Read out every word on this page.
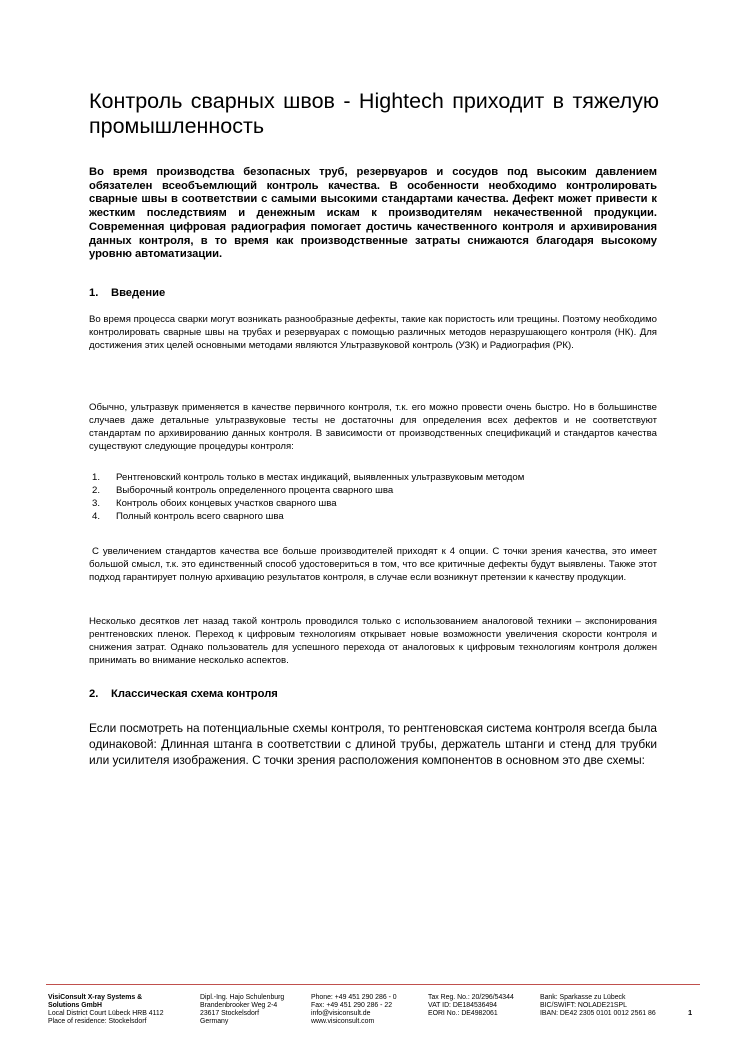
Контроль сварных швов - Hightech приходит в тяжелую промышленность

Во время производства безопасных труб, резервуаров и сосудов под высоким давлением обязателен всеобъемлющий контроль качества. В особенности необходимо контролировать сварные швы в соответствии с самыми высокими стандартами качества. Дефект может привести к жестким последствиям и денежным искам к производителям некачественной продукции. Современная цифровая радиография помогает достичь качественного контроля и архивирования данных контроля, в то время как производственные затраты снижаются благодаря высокому уровню автоматизации.

1. Введение

Во время процесса сварки могут возникать разнообразные дефекты, такие как пористость или трещины. Поэтому необходимо контролировать сварные швы на трубах и резервуарах с помощью различных методов неразрушающего контроля (НК). Для достижения этих целей основными методами являются Ультразвуковой контроль (УЗК) и Радиография (РК).

Обычно, ультразвук применяется в качестве первичного контроля, т.к. его можно провести очень быстро. Но в большинстве случаев даже детальные ультразвуковые тесты не достаточны для определения всех дефектов и не соответствуют стандартам по архивированию данных контроля. В зависимости от производственных спецификаций и стандартов качества существуют следующие процедуры контроля:

1. Рентгеновский контроль только в местах индикаций, выявленных ультразвуковым методом
2. Выборочный контроль определенного процента сварного шва
3. Контроль обоих концевых участков сварного шва
4. Полный контроль всего сварного шва

С увеличением стандартов качества все больше производителей приходят к 4 опции. С точки зрения качества, это имеет большой смысл, т.к. это единственный способ удостовериться в том, что все критичные дефекты будут выявлены. Также этот подход гарантирует полную архивацию результатов контроля, в случае если возникнут претензии к качеству продукции.

Несколько десятков лет назад такой контроль проводился только с использованием аналоговой техники – экспонирования рентгеновских пленок. Переход к цифровым технологиям открывает новые возможности увеличения скорости контроля и снижения затрат. Однако пользователь для успешного перехода от аналоговых к цифровым технологиям контроля должен принимать во внимание несколько аспектов.

2. Классическая схема контроля

Если посмотреть на потенциальные схемы контроля, то рентгеновская система контроля всегда была одинаковой: Длинная штанга в соответствии с длиной трубы, держатель штанги и стенд для трубки или усилителя изображения. С точки зрения расположения компонентов в основном это две схемы:

VisiConsult X-ray Systems &
Solutions GmbH
Local District Court Lübeck HRB 4112
Place of residence: Stockelsdorf
Dipl.-Ing. Hajo Schulenburg
Brandenbrooker Weg 2-4
23617 Stockelsdorf
Germany
Phone: +49 451 290 286 - 0
Fax: +49 451 290 286 - 22
info@visiconsult.de
www.visiconsult.com
Tax Reg. No.: 20/296/54344
VAT ID: DE184536494
EORI No.: DE4982061
Bank: Sparkasse zu Lübeck
BIC/SWIFT: NOLADE21SPL
IBAN: DE42 2305 0101 0012 2561 86	1
